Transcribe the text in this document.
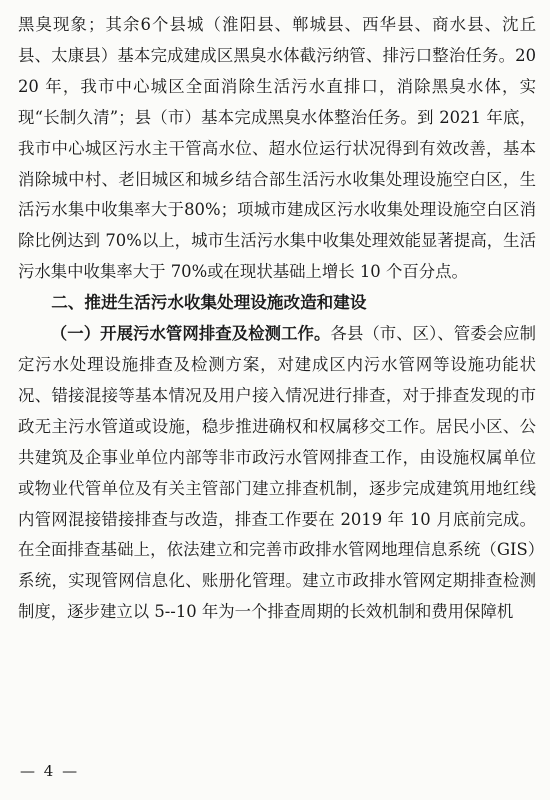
黑臭现象；其余6个县城（淮阳县、郸城县、西华县、商水县、沈丘县、太康县）基本完成建成区黑臭水体截污纳管、排污口整治任务。2020 年，我市中心城区全面消除生活污水直排口，消除黑臭水体，实现“长制久清”；县（市）基本完成黑臭水体整治任务。到 2021 年底，我市中心城区污水主干管高水位、超水位运行状况得到有效改善，基本消除城中村、老旧城区和城乡结合部生活污水收集处理设施空白区，生活污水集中收集率大于80%；项城市建成区污水收集处理设施空白区消除比例达到 70%以上，城市生活污水集中收集处理效能显著提高，生活污水集中收集率大于 70%或在现状基础上增长 10 个百分点。

二、推进生活污水收集处理设施改造和建设

（一）开展污水管网排查及检测工作。各县（市、区）、管委会应制定污水处理设施排查及检测方案，对建成区内污水管网等设施功能状况、错接混接等基本情况及用户接入情况进行排查，对于排查发现的市政无主污水管道或设施，稳步推进确权和权属移交工作。居民小区、公共建筑及企事业单位内部等非市政污水管网排查工作，由设施权属单位或物业代管单位及有关主管部门建立排查机制，逐步完成建筑用地红线内管网混接错接排查与改造，排查工作要在 2019 年 10 月底前完成。在全面排查基础上，依法建立和完善市政排水管网地理信息系统（GIS）系统，实现管网信息化、账册化管理。建立市政排水管网定期排查检测制度，逐步建立以 5--10 年为一个排查周期的长效机制和费用保障机

— 4 —
